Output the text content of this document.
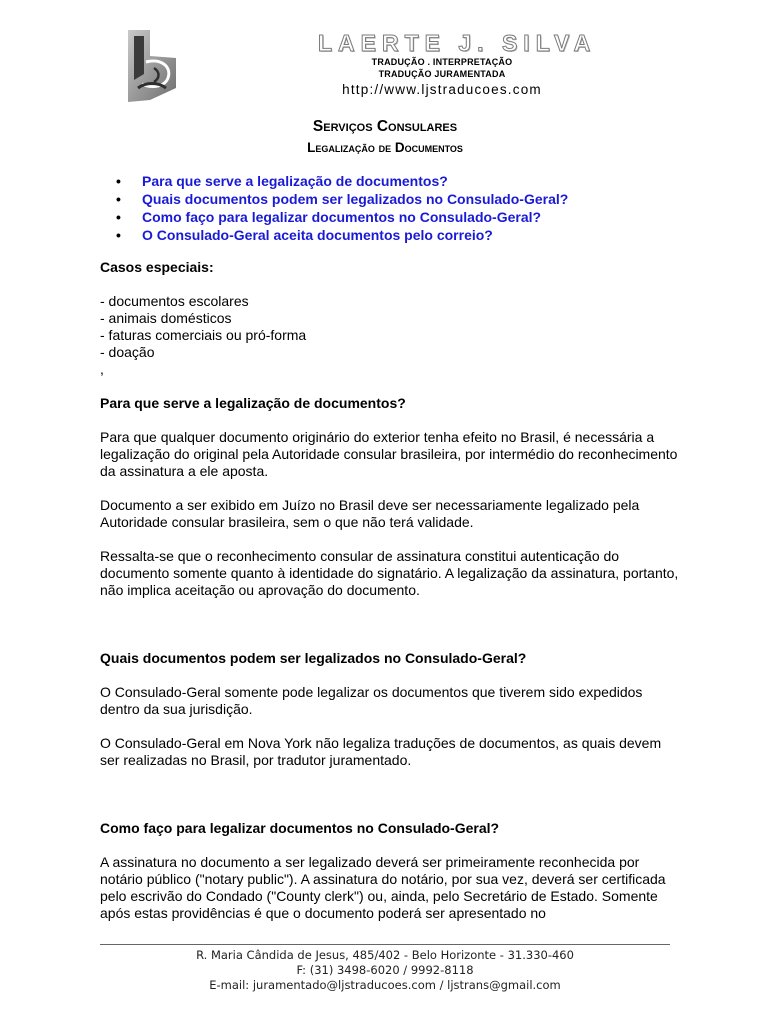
LAERTE J. SILVA
TRADUÇÃO . INTERPRETAÇÃO
TRADUÇÃO JURAMENTADA
http://www.ljstraducoes.com
Serviços Consulares
Legalização de Documentos
• Para que serve a legalização de documentos?
• Quais documentos podem ser legalizados no Consulado-Geral?
• Como faço para legalizar documentos no Consulado-Geral?
• O Consulado-Geral aceita documentos pelo correio?

Casos especiais:

- documentos escolares

- animais domésticos

- faturas comerciais ou pró-forma

- doação

,

Para que serve a legalização de documentos?

Para que qualquer documento originário do exterior tenha efeito no Brasil, é necessária a legalização do original pela Autoridade consular brasileira, por intermédio do reconhecimento da assinatura a ele aposta.

Documento a ser exibido em Juízo no Brasil deve ser necessariamente legalizado pela Autoridade consular brasileira, sem o que não terá validade.

Ressalta-se que o reconhecimento consular de assinatura constitui autenticação do documento somente quanto à identidade do signatário. A legalização da assinatura, portanto, não implica aceitação ou aprovação do documento.

Quais documentos podem ser legalizados no Consulado-Geral?

O Consulado-Geral somente pode legalizar os documentos que tiverem sido expedidos dentro da sua jurisdição.

O Consulado-Geral em Nova York não legaliza traduções de documentos, as quais devem ser realizadas no Brasil, por tradutor juramentado.

Como faço para legalizar documentos no Consulado-Geral?

A assinatura no documento a ser legalizado deverá ser primeiramente reconhecida por notário público ("notary public"). A assinatura do notário, por sua vez, deverá ser certificada pelo escrivão do Condado ("County clerk") ou, ainda, pelo Secretário de Estado. Somente após estas providências é que o documento poderá ser apresentado no

R. Maria Cândida de Jesus, 485/402 - Belo Horizonte - 31.330-460
F: (31) 3498-6020 / 9992-8118
E-mail: juramentado@ljstraducoes.com / ljstrans@gmail.com
